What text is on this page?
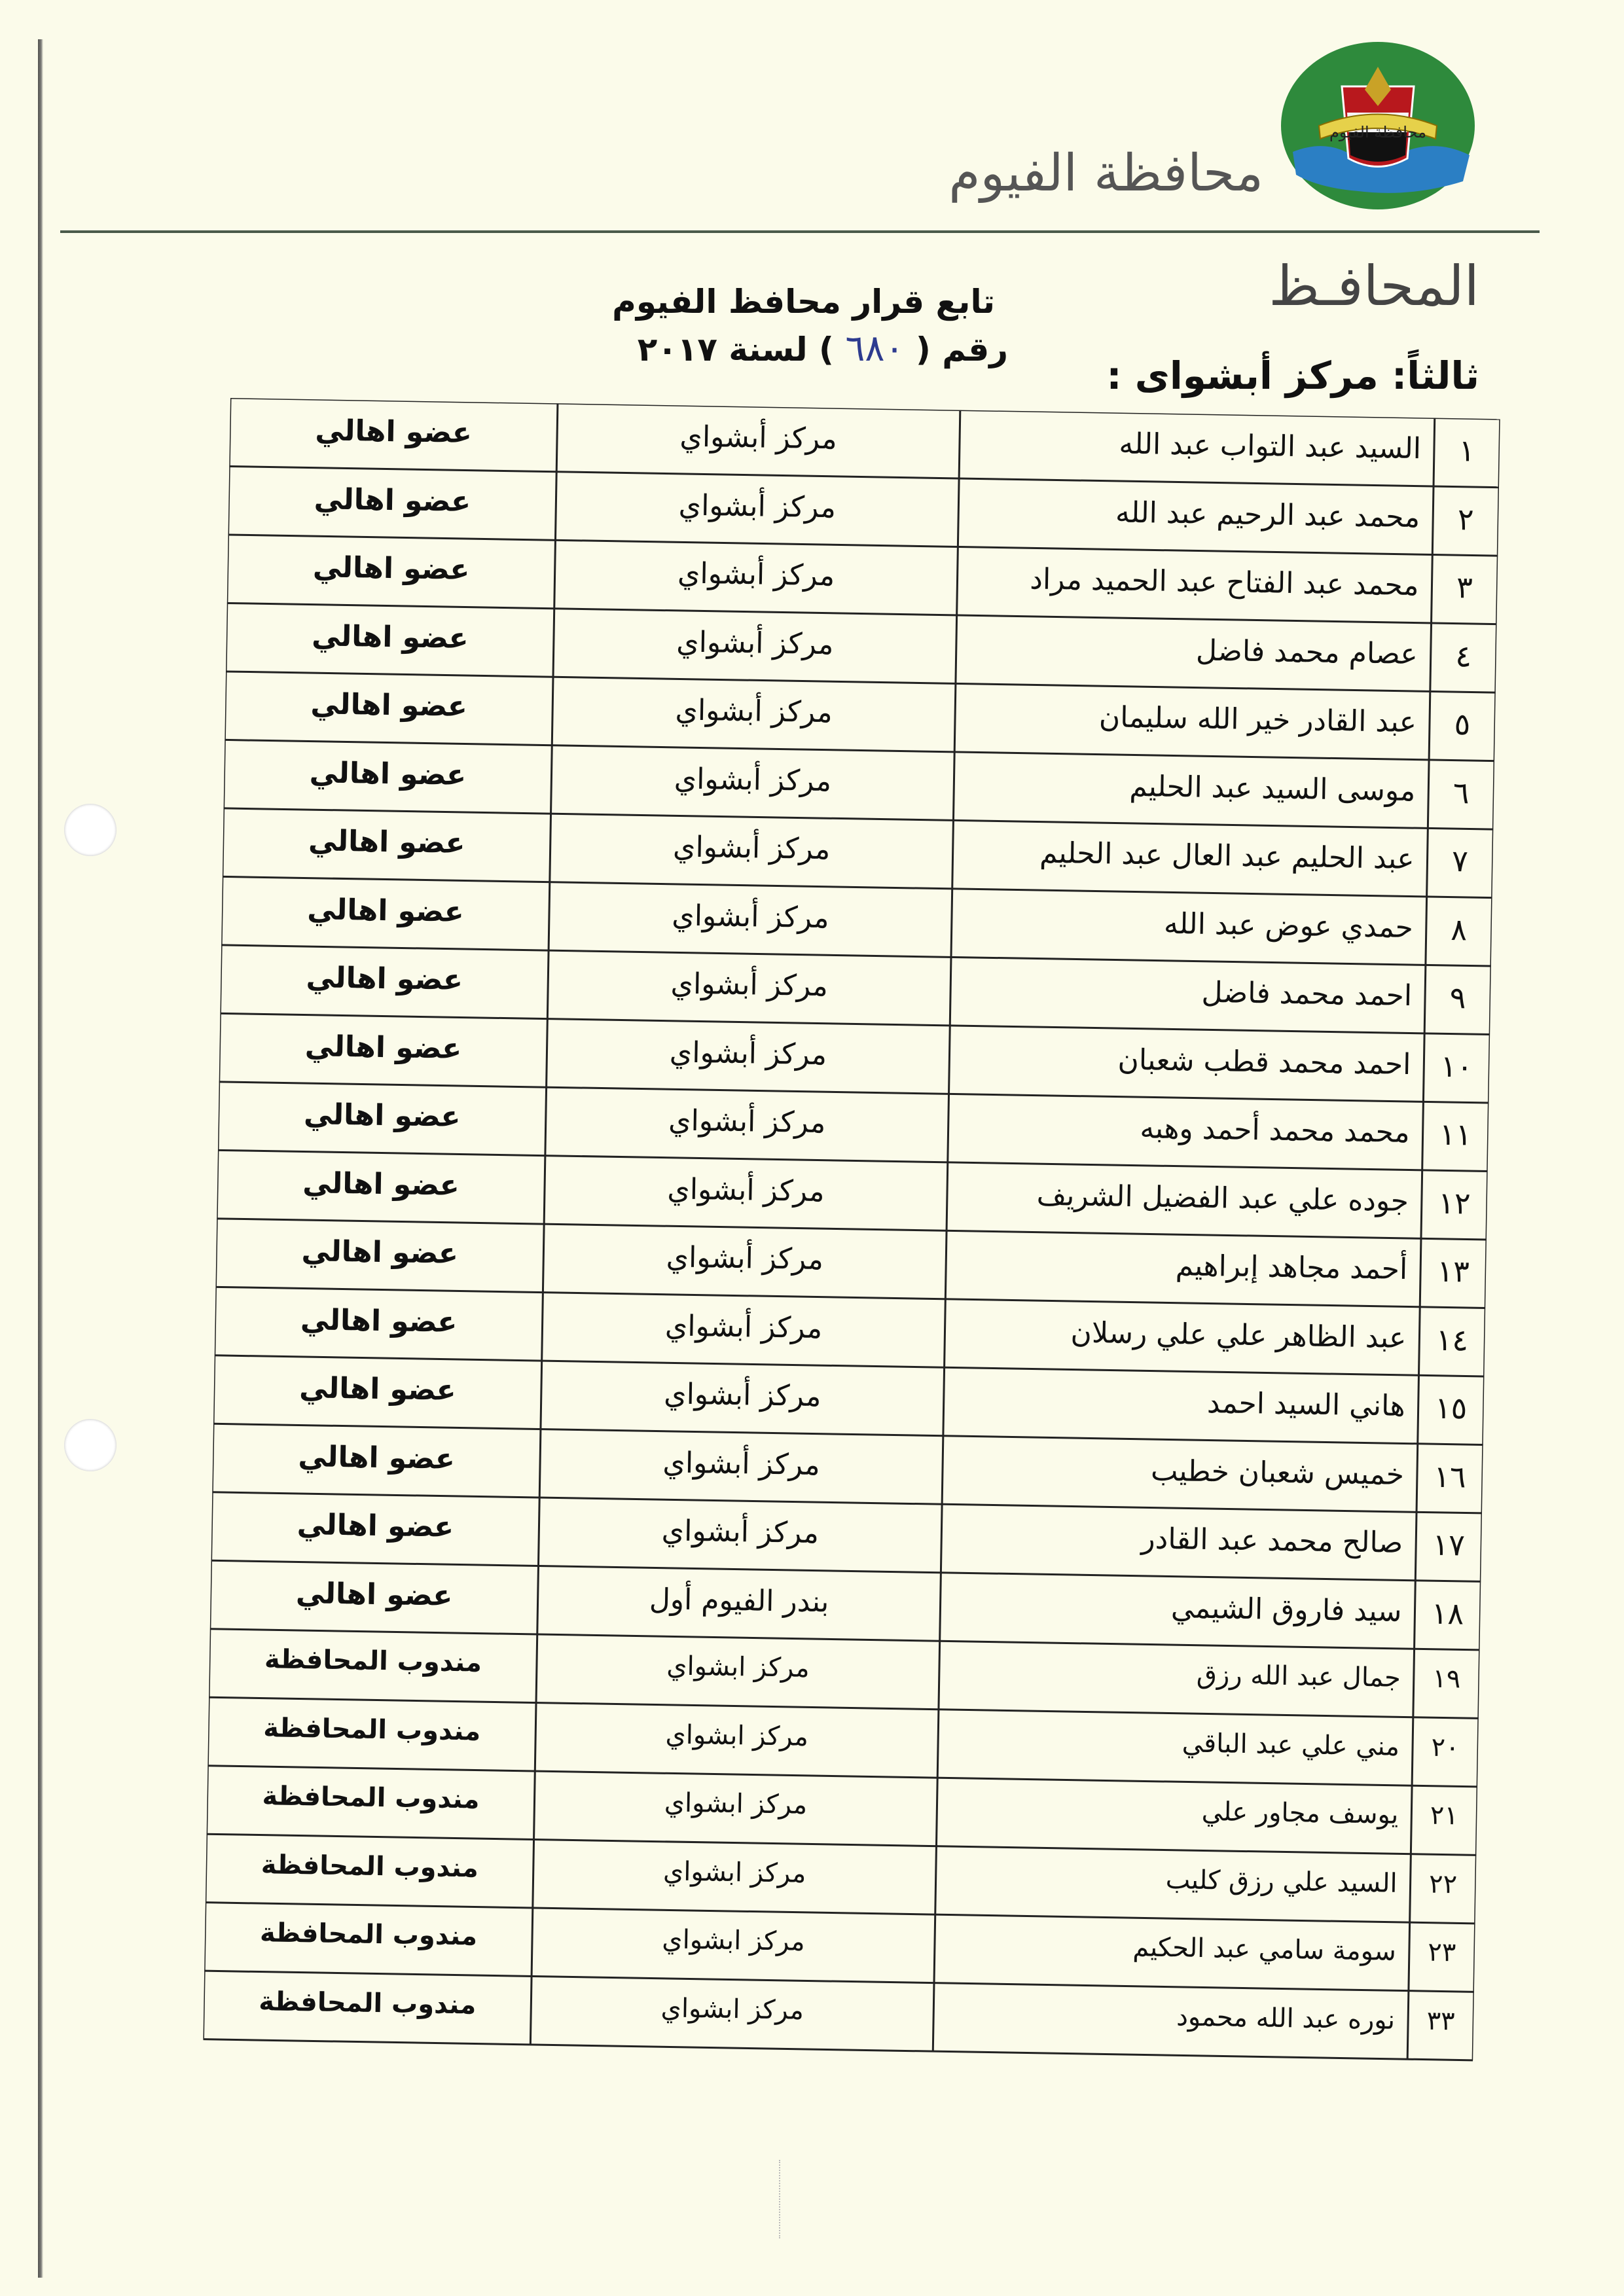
محافظة الفيوم
محافظة الفيوم
المحافـظ
تابع قرار محافظ الفيوم
رقم ( ٦٨٠ ) لسنة ٢٠١٧
ثالثاً: مركز أبشواى :
١
السيد عبد التواب عبد الله
مركز أبشواي
عضو اهالي
٢
محمد عبد الرحيم عبد الله
مركز أبشواي
عضو اهالي
٣
محمد عبد الفتاح عبد الحميد مراد
مركز أبشواي
عضو اهالي
٤
عصام محمد فاضل
مركز أبشواي
عضو اهالي
٥
عبد القادر خير الله سليمان
مركز أبشواي
عضو اهالي
٦
موسى السيد عبد الحليم
مركز أبشواي
عضو اهالي
٧
عبد الحليم عبد العال عبد الحليم
مركز أبشواي
عضو اهالي
٨
حمدي عوض عبد الله
مركز أبشواي
عضو اهالي
٩
احمد محمد فاضل
مركز أبشواي
عضو اهالي
١٠
احمد محمد قطب شعبان
مركز أبشواي
عضو اهالي
١١
محمد محمد أحمد وهبه
مركز أبشواي
عضو اهالي
١٢
جوده علي عبد الفضيل الشريف
مركز أبشواي
عضو اهالي
١٣
أحمد مجاهد إبراهيم
مركز أبشواي
عضو اهالي
١٤
عبد الظاهر علي علي رسلان
مركز أبشواي
عضو اهالي
١٥
هاني السيد احمد
مركز أبشواي
عضو اهالي
١٦
خميس شعبان خطيب
مركز أبشواي
عضو اهالي
١٧
صالح محمد عبد القادر
مركز أبشواي
عضو اهالي
١٨
سيد فاروق الشيمي
بندر الفيوم أول
عضو اهالي
١٩
جمال عبد الله رزق
مركز ابشواي
مندوب المحافظة
٢٠
مني علي عبد الباقي
مركز ابشواي
مندوب المحافظة
٢١
يوسف مجاور علي
مركز ابشواي
مندوب المحافظة
٢٢
السيد علي رزق كليب
مركز ابشواي
مندوب المحافظة
٢٣
سومة سامي عبد الحكيم
مركز ابشواي
مندوب المحافظة
٣٣
نوره عبد الله محمود
مركز ابشواي
مندوب المحافظة
